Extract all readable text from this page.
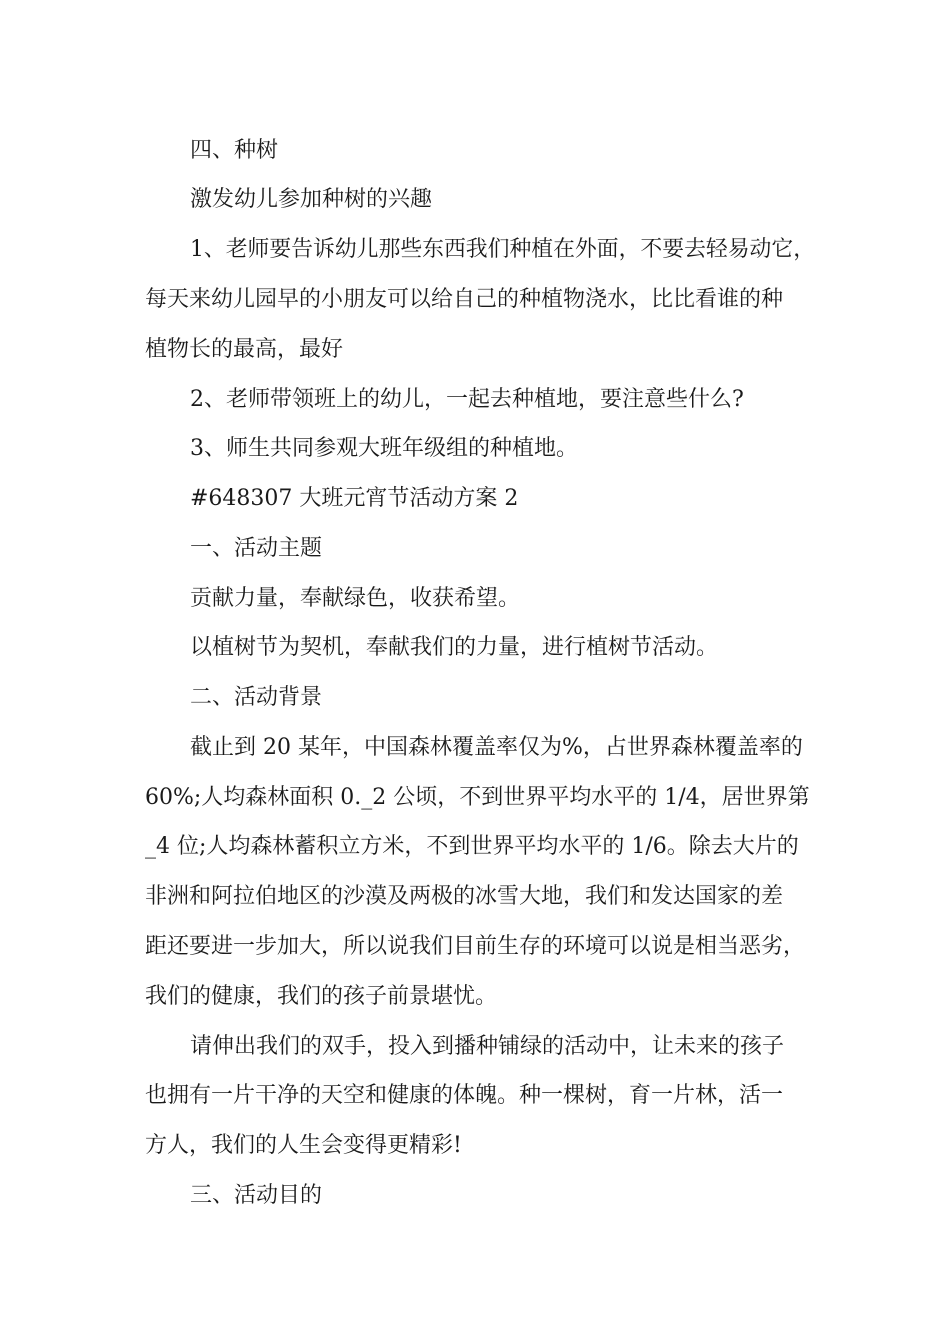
四、种树
激发幼儿参加种树的兴趣
1、老师要告诉幼儿那些东西我们种植在外面，不要去轻易动它，
每天来幼儿园早的小朋友可以给自己的种植物浇水，比比看谁的种
植物长的最高，最好
2、老师带领班上的幼儿，一起去种植地，要注意些什么?
3、师生共同参观大班年级组的种植地。
#648307 大班元宵节活动方案 2
一、活动主题
贡献力量，奉献绿色，收获希望。
以植树节为契机，奉献我们的力量，进行植树节活动。
二、活动背景
截止到 20 某年，中国森林覆盖率仅为%，占世界森林覆盖率的
60%;人均森林面积 0._2 公顷，不到世界平均水平的 1/4，居世界第
_4 位;人均森林蓄积立方米，不到世界平均水平的 1/6。除去大片的
非洲和阿拉伯地区的沙漠及两极的冰雪大地，我们和发达国家的差
距还要进一步加大，所以说我们目前生存的环境可以说是相当恶劣，
我们的健康，我们的孩子前景堪忧。
请伸出我们的双手，投入到播种铺绿的活动中，让未来的孩子
也拥有一片干净的天空和健康的体魄。种一棵树，育一片林，活一
方人，我们的人生会变得更精彩!
三、活动目的
